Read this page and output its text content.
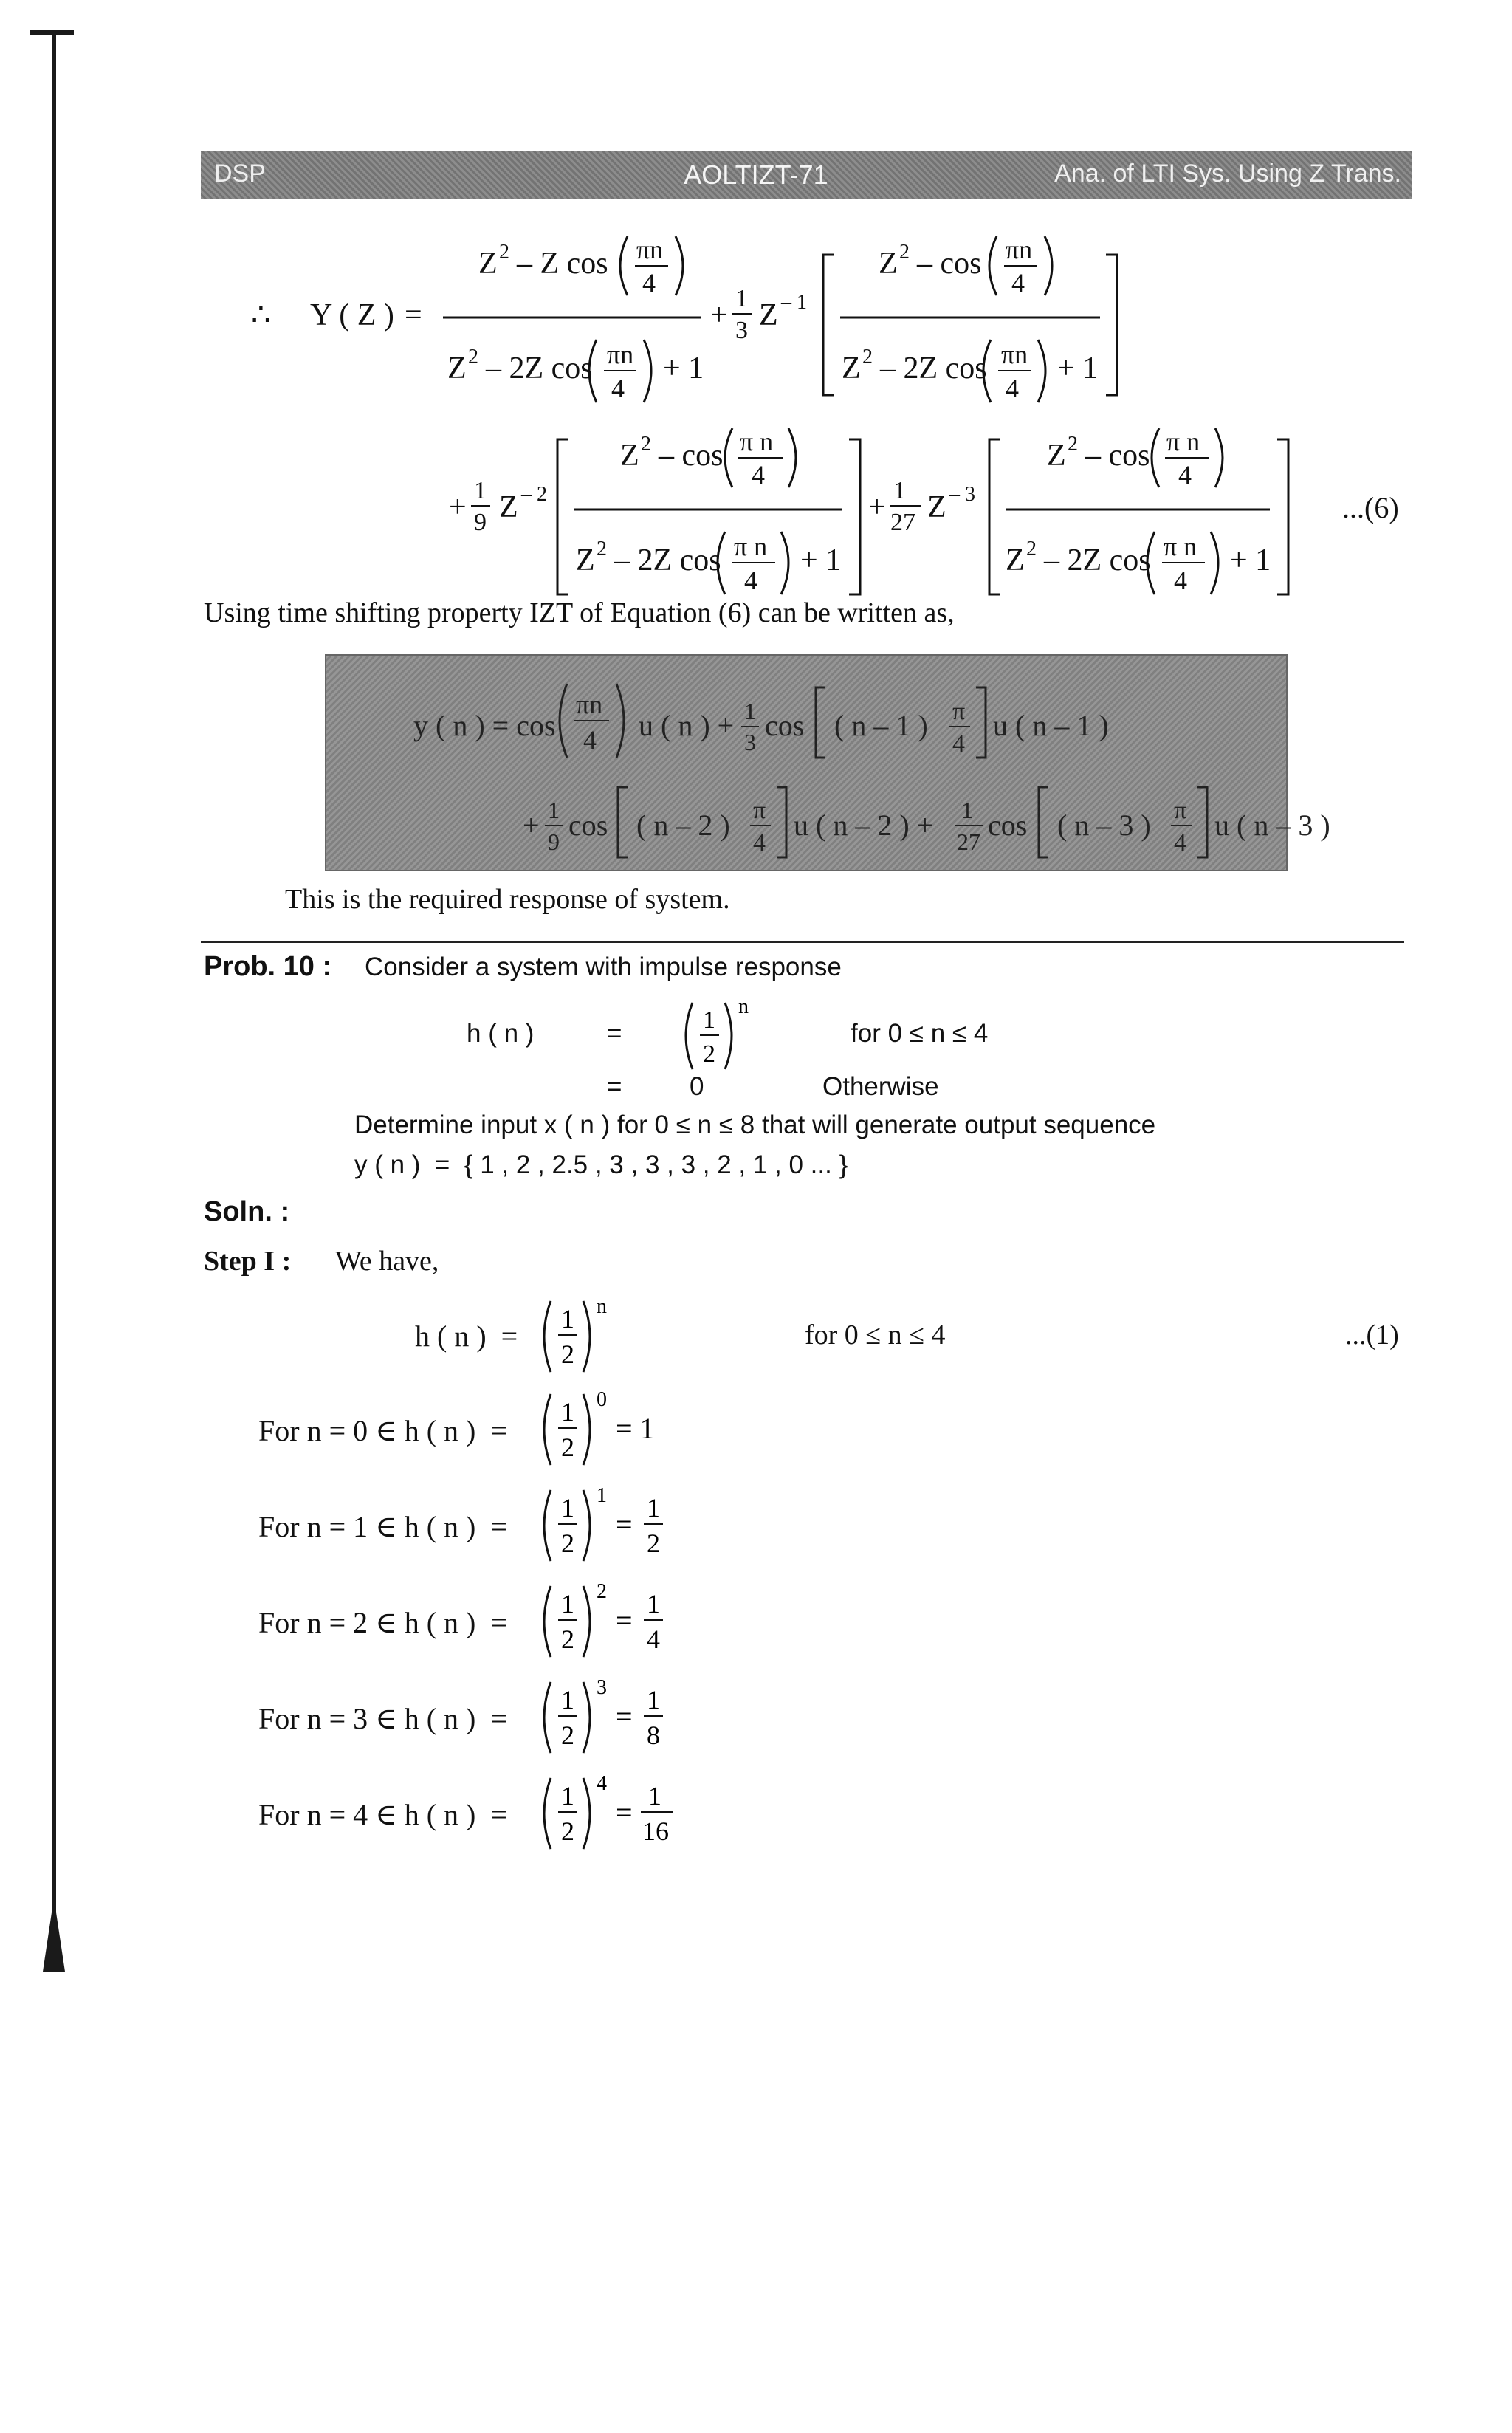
DSP	AOLTIZT-71	Ana. of LTI Sys. Using Z Trans.
∴ Y ( Z ) =
Z 2 – Z cos πn
4
Z 2 – 2Z cos πn
4
+ 1
+ 1
3 Z – 1
Z 2 – cos πn
4
Z 2 – 2Z cos πn
4
+ 1
+ 1
9 Z – 2
Z 2 – cos π n
4
Z 2 – 2Z cos π n
4
+ 1
+ 1
27 Z – 3
Z 2 – cos π n
4
Z 2 – 2Z cos π n
4
+ 1
...(6)
Using time shifting property IZT of Equation (6) can be written as,
y ( n ) = cos
πn
4 u ( n ) + 1
3 cos ( n – 1 ) π
4
u ( n – 1 )
+ 1
9 cos ( n – 2 ) π
4
u ( n – 2 ) + 1
27 cos ( n – 3 ) π
4
u ( n – 3 )
This is the required response of system.
Prob. 10 : Consider a system with impulse response
h ( n )	=	1
2
n
for 0 ≤ n ≤ 4
=	0	Otherwise
Determine input x ( n ) for 0 ≤ n ≤ 8 that will generate output sequence
y ( n )  =  { 1 , 2 , 2.5 , 3 , 3 , 3 , 2 , 1 , 0 ... }
Soln. :
Step I : We have,
h ( n )  =
1
2
n
for 0 ≤ n ≤ 4	...(1)
For n = 0 ∈ h ( n )  =
1
2
0
= 1
For n = 1 ∈ h ( n )  =
1
2
1
= 1
2
For n = 2 ∈ h ( n )  =
1
2
2
= 1
4
For n = 3 ∈ h ( n )  =
1
2
3
= 1
8
For n = 4 ∈ h ( n )  =
1
2
4
= 1
16
